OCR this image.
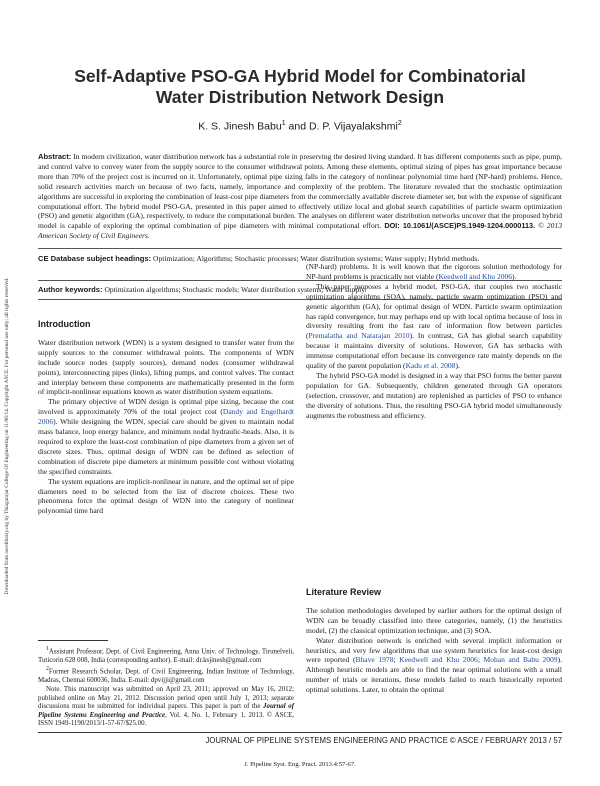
Downloaded from ascelibrary.org by Thiagarajar College Of Engineering on 11/06/14. Copyright ASCE. For personal use only; all rights reserved.
Self-Adaptive PSO-GA Hybrid Model for Combinatorial
Water Distribution Network Design
K. S. Jinesh Babu$^1$ and D. P. Vijayalakshmi$^2$
Abstract: In modern civilization, water distribution network has a substantial role in preserving the desired living standard. It has different components such as pipe, pump, and control valve to convey water from the supply source to the consumer withdrawal points. Among these elements, optimal sizing of pipes has great importance because more than 70% of the project cost is incurred on it. Unfortunately, optimal pipe sizing falls in the category of nonlinear polynomial time hard (NP-hard) problems. Hence, solid research activities march on because of two facts, namely, importance and complexity of the problem. The literature revealed that the stochastic optimization algorithms are successful in exploring the combination of least-cost pipe diameters from the commercially available discrete diameter set, but with the expense of significant computational effort. The hybrid model PSO-GA, presented in this paper aimed to effectively utilize local and global search capabilities of particle swarm optimization (PSO) and genetic algorithm (GA), respectively, to reduce the computational burden. The analyses on different water distribution networks uncover that the proposed hybrid model is capable of exploring the optimal combination of pipe diameters with minimal computational effort. DOI: 10.1061/(ASCE)PS.1949-1204.0000113. © 2013 American Society of Civil Engineers.
CE Database subject headings: Optimization; Algorithms; Stochastic processes; Water distribution systems; Water supply; Hybrid methods.
Author keywords: Optimization algorithms; Stochastic models; Water distribution systems; Water supply.
Introduction

Water distribution network (WDN) is a system designed to transfer water from the supply sources to the consumer withdrawal points. The components of WDN include source nodes (supply sources), demand nodes (consumer withdrawal points), interconnecting pipes (links), lifting pumps, and control valves. The contact and interplay between these components are mathematically presented in the form of implicit-nonlinear equations known as water distribution system equations.

The primary objective of WDN design is optimal pipe sizing, because the cost involved is approximately 70% of the total project cost (Dandy and Engelhardt 2006). While designing the WDN, special care should be given to maintain nodal mass balance, loop energy balance, and minimum nodal hydraulic-heads. Also, it is required to explore the least-cost combination of pipe diameters from a given set of discrete sizes. Thus, optimal design of WDN can be defined as selection of combination of discrete pipe diameters at minimum possible cost without violating the specified constraints.

The system equations are implicit-nonlinear in nature, and the optimal set of pipe diameters need to be selected from the list of discrete choices. These two phenomena force the optimal design of WDN into the category of nonlinear polynomial time hard

$^1$Assistant Professor, Dept. of Civil Engineering, Anna Univ. of Technology, Tirunelveli, Tuticorin 628 008, India (corresponding author). E-mail: dr.ksjinesh@gmail.com

$^2$Former Research Scholar, Dept. of Civil Engineering, Indian Institute of Technology, Madras, Chennai 600036, India. E-mail: dpvijji@gmail.com

Note. This manuscript was submitted on April 23, 2011; approved on May 16, 2012; published online on May 21, 2012. Discussion period open until July 1, 2013; separate discussions must be submitted for individual papers. This paper is part of the Journal of Pipeline Systems Engineering and Practice, Vol. 4, No. 1, February 1, 2013. © ASCE, ISSN 1949-1190/2013/1-57-67/$25.00.

(NP-hard) problems. It is well known that the rigorous solution methodology for NP-hard problems is practically not viable (Keedwell and Khu 2006).

This paper proposes a hybrid model, PSO-GA, that couples two stochastic optimization algorithms (SOA), namely, particle swarm optimization (PSO) and genetic algorithm (GA), for optimal design of WDN. Particle swarm optimization has rapid convergence, but may perhaps end up with local optima because of loss in diversity resulting from the fast rate of information flow between particles (Premalatha and Natarajan 2010). In contrast, GA has global search capability because it maintains diversity of solutions. However, GA has setbacks with immense computational effort because its convergence rate mainly depends on the quality of the parent population (Kadu et al. 2008).

The hybrid PSO-GA model is designed in a way that PSO forms the better parent population for GA. Subsequently, children generated through GA operators (selection, crossover, and mutation) are replenished as particles of PSO to enhance the diversity of solutions. Thus, the resulting PSO-GA hybrid model simultaneously augments the robustness and efficiency.

Literature Review

The solution methodologies developed by earlier authors for the optimal design of WDN can be broadly classified into three categories, namely, (1) the heuristics model, (2) the classical optimization technique, and (3) SOA.

Water distribution network is enriched with several implicit information or heuristics, and very few algorithms that use system heuristics for least-cost design were reported (Bhave 1978; Keedwell and Khu 2006; Mohan and Babu 2009). Although heuristic models are able to find the near optimal solutions with a small number of trials or iterations, these models failed to reach historically reported optimal solutions. Later, to obtain the optimal

JOURNAL OF PIPELINE SYSTEMS ENGINEERING AND PRACTICE © ASCE / FEBRUARY 2013 / 57
J. Pipeline Syst. Eng. Pract. 2013.4:57-67.
